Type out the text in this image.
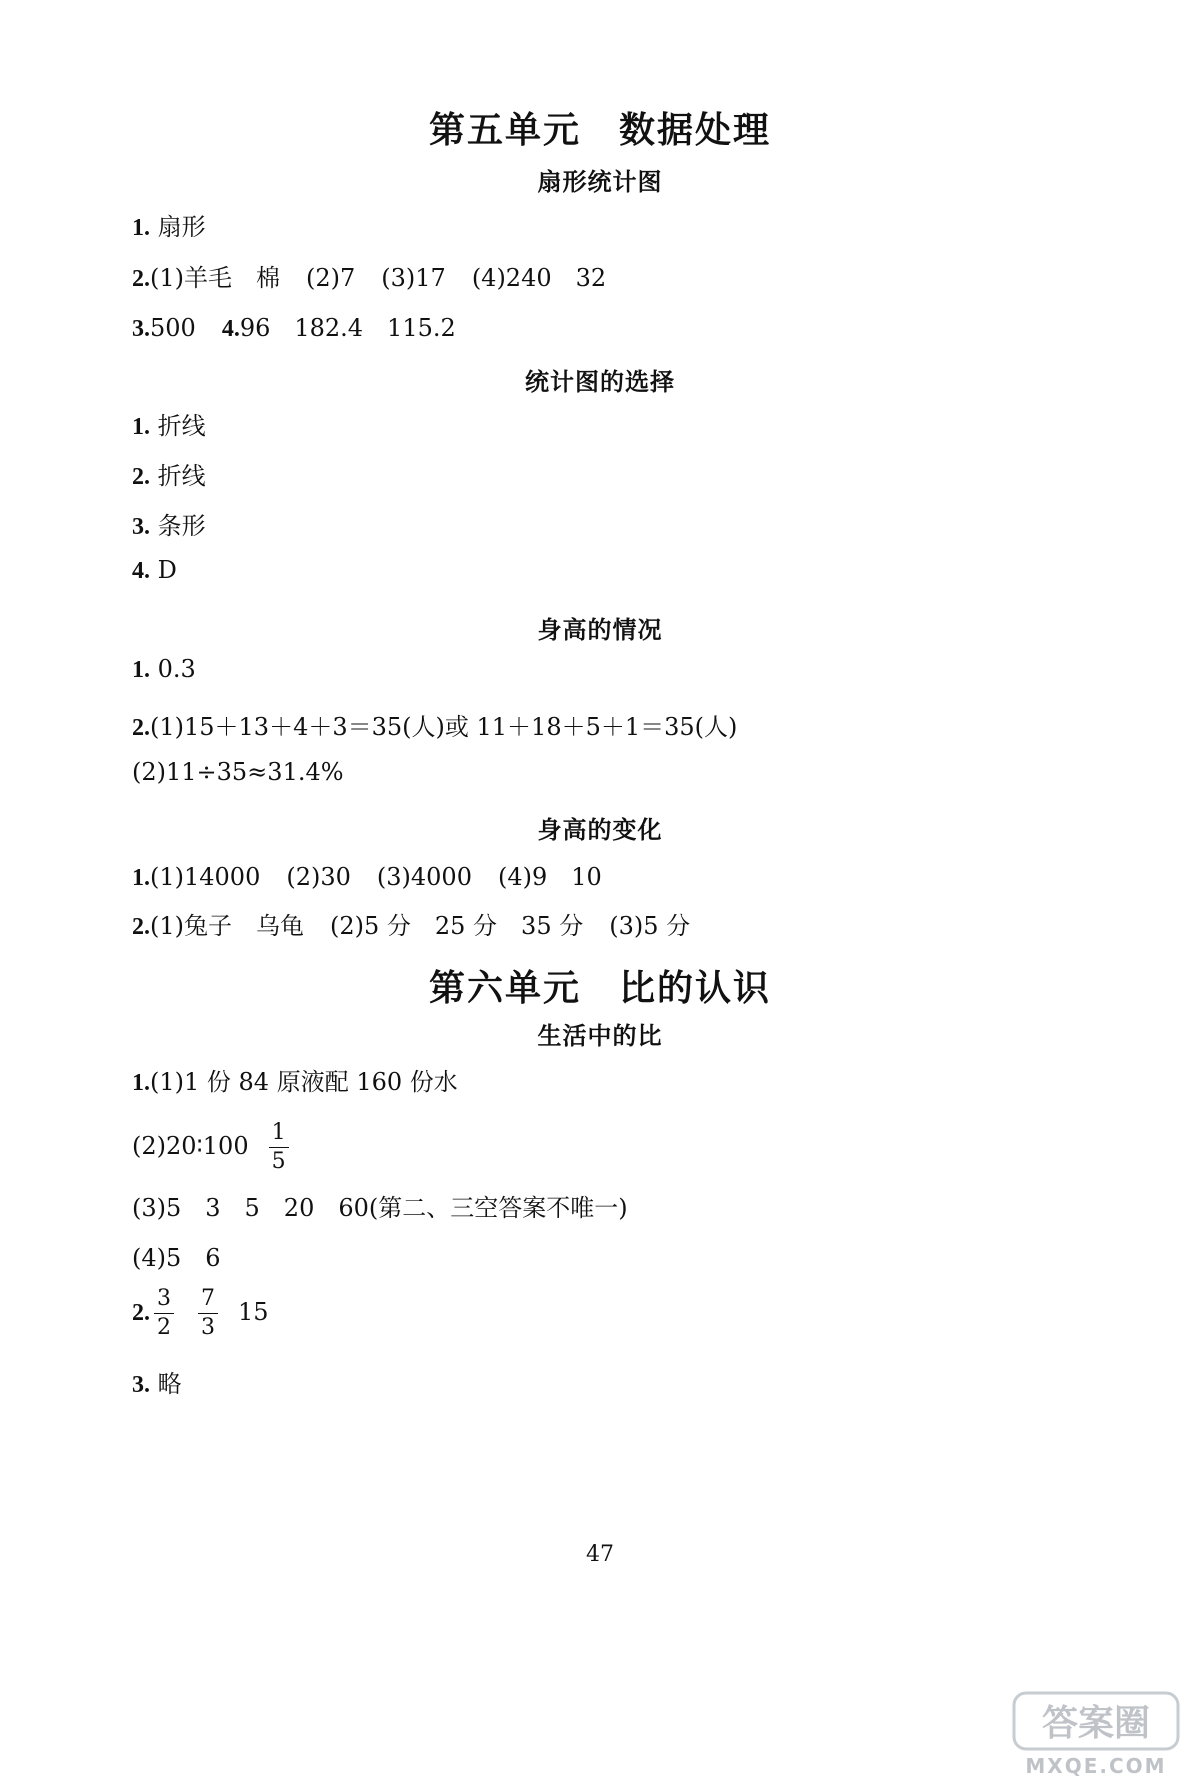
第五单元　数据处理
扇形统计图
1. 扇形
2.(1)羊毛　棉 (2)7 (3)17 (4)240　32
3.500 4.96　182.4　115.2
统计图的选择
1. 折线
2. 折线
3. 条形
4. D
身高的情况
1. 0.3
2.(1)15＋13＋4＋3＝35(人)或 11＋18＋5＋1＝35(人)
(2)11÷35≈31.4%
身高的变化
1.(1)14000 (2)30 (3)4000 (4)9　10
2.(1)兔子　乌龟 (2)5 分　25 分　35 分 (3)5 分
第六单元　比的认识
生活中的比
1.(1)1 份 84 原液配 160 份水
(2)20∶100 $\frac{1}{5}$
(3)5　3　5　20　60(第二、三空答案不唯一)
(4)5　6
2. $\frac{3}{2} \frac{7}{3} 15$
3. 略
47
答案圈
MXQE.COM
